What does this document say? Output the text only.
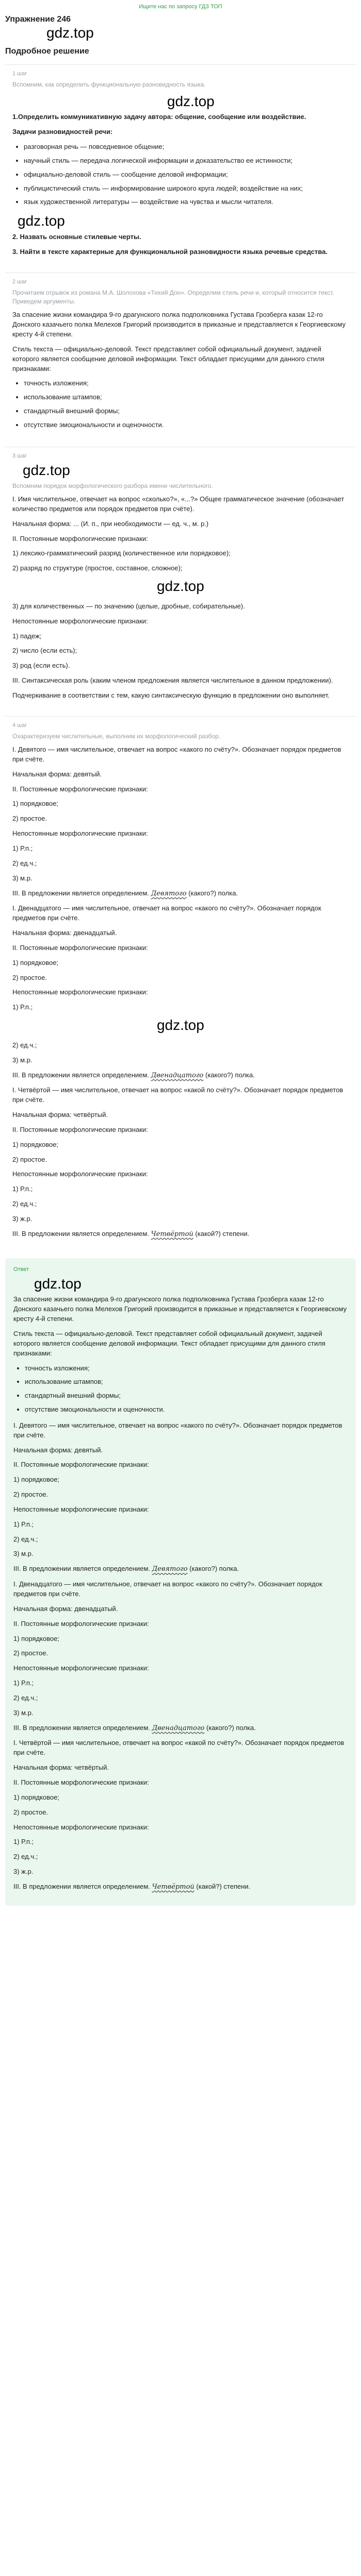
Ищите нас по запросу ГДЗ ТОП
Упражнение 246
gdz.top
Подробное решение
1 шаг
Вспомним, как определить функциональную разновидность языка.
gdz.top

1.Определить коммуникативную задачу автора: общение, сообщение или воздействие.

Задачи разновидностей речи:

• разговорная речь — повседневное общение;
• научный стиль — передача логической информации и доказательство ее истинности;
• официально-деловой стиль — сообщение деловой информации;
• публицистический стиль — информирование широкого круга людей; воздействие на них;
• язык художественной литературы — воздействие на чувства и мысли читателя.
gdz.top

2. Назвать основные стилевые черты.

3. Найти в тексте характерные для функциональной разновидности языка речевые средства.

2 шаг
Прочитаем отрывок из романа М.А. Шолохова «Тихий Дон». Определим стиль речи и, который относится текст. Приведем аргументы.

За спасение жизни командира 9-го драгунского полка подполковника Густава Грозберга казак 12-го Донского казачьего полка Мелехов Григорий производится в приказные и представляется к Георгиевскому кресту 4-й степени.

Стиль текста — официально-деловой. Текст представляет собой официальный документ, задачей которого является сообщение деловой информации. Текст обладает присущими для данного стиля признаками:

• точность изложения;
• использование штампов;
• стандартный внешний формы;
• отсутствие эмоциональности и оценочности.
3 шаг
gdz.top
Вспомним порядок морфологического разбора имени числительного.

I. Имя числительное, отвечает на вопрос «сколько?», «...?» Общее грамматическое значение (обозначает количество предметов или порядок предметов при счёте).

Начальная форма: ... (И. п., при необходимости — ед. ч., м. р.)

II. Постоянные морфологические признаки:

1) лексико-грамматический разряд (количественное или порядковое);

2) разряд по структуре (простое, составное, сложное);

gdz.top

3) для количественных — по значению (целые, дробные, собирательные).

Непостоянные морфологические признаки:

1) падеж;

2) число (если есть);

3) род (если есть).

III. Синтаксическая роль (каким членом предложения является числительное в данном предложении).

Подчеркивание в соответствии с тем, какую синтаксическую функцию в предложении оно выполняет.

4 шаг
Охарактеризуем числительные, выполним их морфологический разбор.

I. Девятого — имя числительное, отвечает на вопрос «какого по счёту?». Обозначает порядок предметов при счёте.

Начальная форма: девятый.

II. Постоянные морфологические признаки:

1) порядковое;

2) простое.

Непостоянные морфологические признаки:

1) Р.п.;

2) ед.ч.;

3) м.р.

III. В предложении является определением. Девятого (какого?) полка.

I. Двенадцатого — имя числительное, отвечает на вопрос «какого по счёту?». Обозначает порядок предметов при счёте.

Начальная форма: двенадцатый.

II. Постоянные морфологические признаки:

1) порядковое;

2) простое.

Непостоянные морфологические признаки:

1) Р.п.;

gdz.top

2) ед.ч.;

3) м.р.

III. В предложении является определением. Двенадцатого (какого?) полка.

I. Четвёртой — имя числительное, отвечает на вопрос «какой по счёту?». Обозначает порядок предметов при счёте.

Начальная форма: четвёртый.

II. Постоянные морфологические признаки:

1) порядковое;

2) простое.

Непостоянные морфологические признаки:

1) Р.п.;

2) ед.ч.;

3) ж.р.

III. В предложении является определением. Четвёртой (какой?) степени.

Ответ
gdz.top

За спасение жизни командира 9-го драгунского полка подполковника Густава Грозберга казак 12-го Донского казачьего полка Мелехов Григорий производится в приказные и представляется к Георгиевскому кресту 4-й степени.

Стиль текста — официально-деловой. Текст представляет собой официальный документ, задачей которого является сообщение деловой информации. Текст обладает присущими для данного стиля признаками:

• точность изложения;
• использование штампов;
• стандартный внешний формы;
• отсутствие эмоциональности и оценочности.

I. Девятого — имя числительное, отвечает на вопрос «какого по счёту?». Обозначает порядок предметов при счёте.

Начальная форма: девятый.

II. Постоянные морфологические признаки:

1) порядковое;

2) простое.

Непостоянные морфологические признаки:

1) Р.п.;

2) ед.ч.;

3) м.р.

III. В предложении является определением. Девятого (какого?) полка.

I. Двенадцатого — имя числительное, отвечает на вопрос «какого по счёту?». Обозначает порядок предметов при счёте.

Начальная форма: двенадцатый.

II. Постоянные морфологические признаки:

1) порядковое;

2) простое.

Непостоянные морфологические признаки:

1) Р.п.;

2) ед.ч.;

3) м.р.

III. В предложении является определением. Двенадцатого (какого?) полка.

I. Четвёртой — имя числительное, отвечает на вопрос «какой по счёту?». Обозначает порядок предметов при счёте.

Начальная форма: четвёртый.

II. Постоянные морфологические признаки:

1) порядковое;

2) простое.

Непостоянные морфологические признаки:

1) Р.п.;

2) ед.ч.;

3) ж.р.

III. В предложении является определением. Четвёртой (какой?) степени.
